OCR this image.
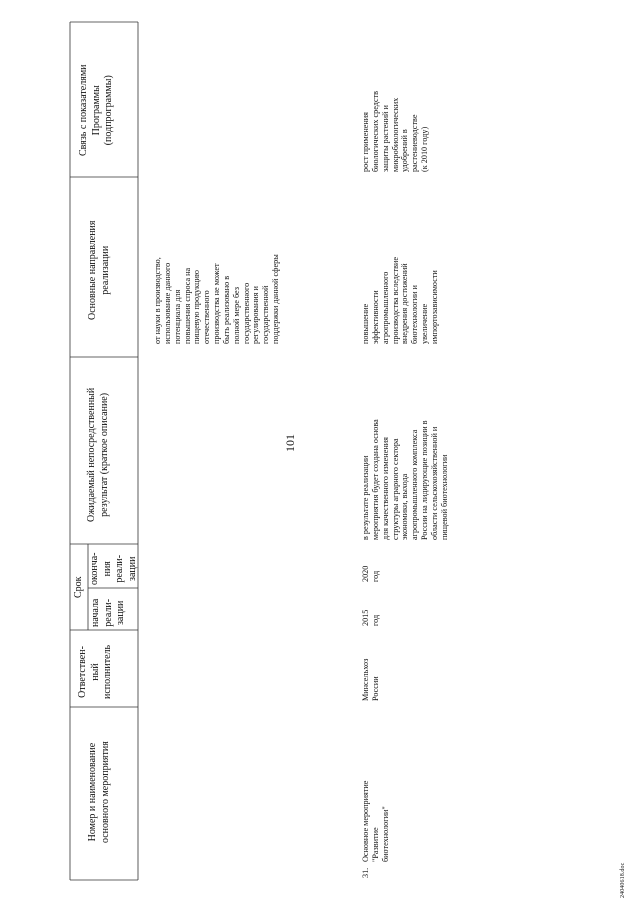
101
Номер и наименование основного мероприятия
Ответствен- ный исполнитель
Срок
начала реали- зации
оконча- ния реали- зации
Ожидаемый непосредственный результат (краткое описание)
Основные направления реализации
Связь с показателями Программы (подпрограммы)
от науки в производство, использование данного потенциала для повышения спроса на пищевую продукцию отечественного производства не может быть реализовано в полной мере без государственного регулирования и государственной поддержки данной сферы
31.
Основное мероприятие "Развитие биотехнологии"
Минсельхоз России
2015 год
2020 год
в результате реализации мероприятия будет создана основа для качественного изменения структуры аграрного сектора экономики, выхода агропромышленного комплекса России на лидирующие позиции в области сельскохозяйственной и пищевой биотехнологии
повышение эффективности агропромышленного производства вследствие внедрения достижений биотехнологии и увеличение импортозависимости
рост применения биологических средств защиты растений и микробиологических удобрений в растениеводстве (к 2010 году)
24040618.doc
